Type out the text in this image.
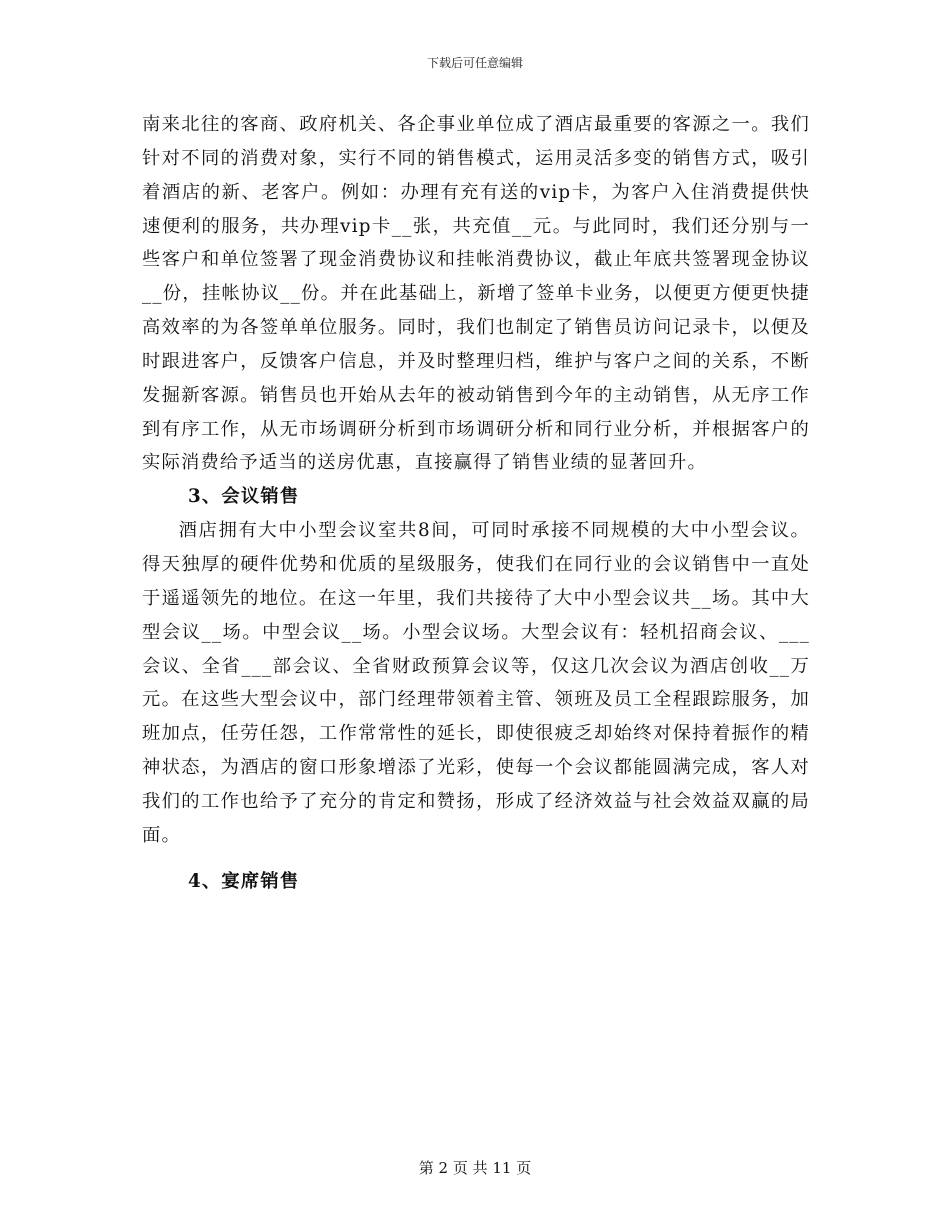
下载后可任意编辑

南来北往的客商、政府机关、各企事业单位成了酒店最重要的客源之一。我们针对不同的消费对象，实行不同的销售模式，运用灵活多变的销售方式，吸引着酒店的新、老客户。例如：办理有充有送的vip卡，为客户入住消费提供快速便利的服务，共办理vip卡__张，共充值__元。与此同时，我们还分别与一些客户和单位签署了现金消费协议和挂帐消费协议，截止年底共签署现金协议__份，挂帐协议__份。并在此基础上，新增了签单卡业务，以便更方便更快捷高效率的为各签单单位服务。同时，我们也制定了销售员访问记录卡，以便及时跟进客户，反馈客户信息，并及时整理归档，维护与客户之间的关系，不断发掘新客源。销售员也开始从去年的被动销售到今年的主动销售，从无序工作到有序工作，从无市场调研分析到市场调研分析和同行业分析，并根据客户的实际消费给予适当的送房优惠，直接赢得了销售业绩的显著回升。

3、会议销售

酒店拥有大中小型会议室共8间，可同时承接不同规模的大中小型会议。得天独厚的硬件优势和优质的星级服务，使我们在同行业的会议销售中一直处于遥遥领先的地位。在这一年里，我们共接待了大中小型会议共__场。其中大型会议__场。中型会议__场。小型会议场。大型会议有：轻机招商会议、___会议、全省___部会议、全省财政预算会议等，仅这几次会议为酒店创收__万元。在这些大型会议中，部门经理带领着主管、领班及员工全程跟踪服务，加班加点，任劳任怨，工作常常性的延长，即使很疲乏却始终对保持着振作的精神状态，为酒店的窗口形象增添了光彩，使每一个会议都能圆满完成，客人对我们的工作也给予了充分的肯定和赞扬，形成了经济效益与社会效益双赢的局面。

4、宴席销售
第 2 页 共 11 页
